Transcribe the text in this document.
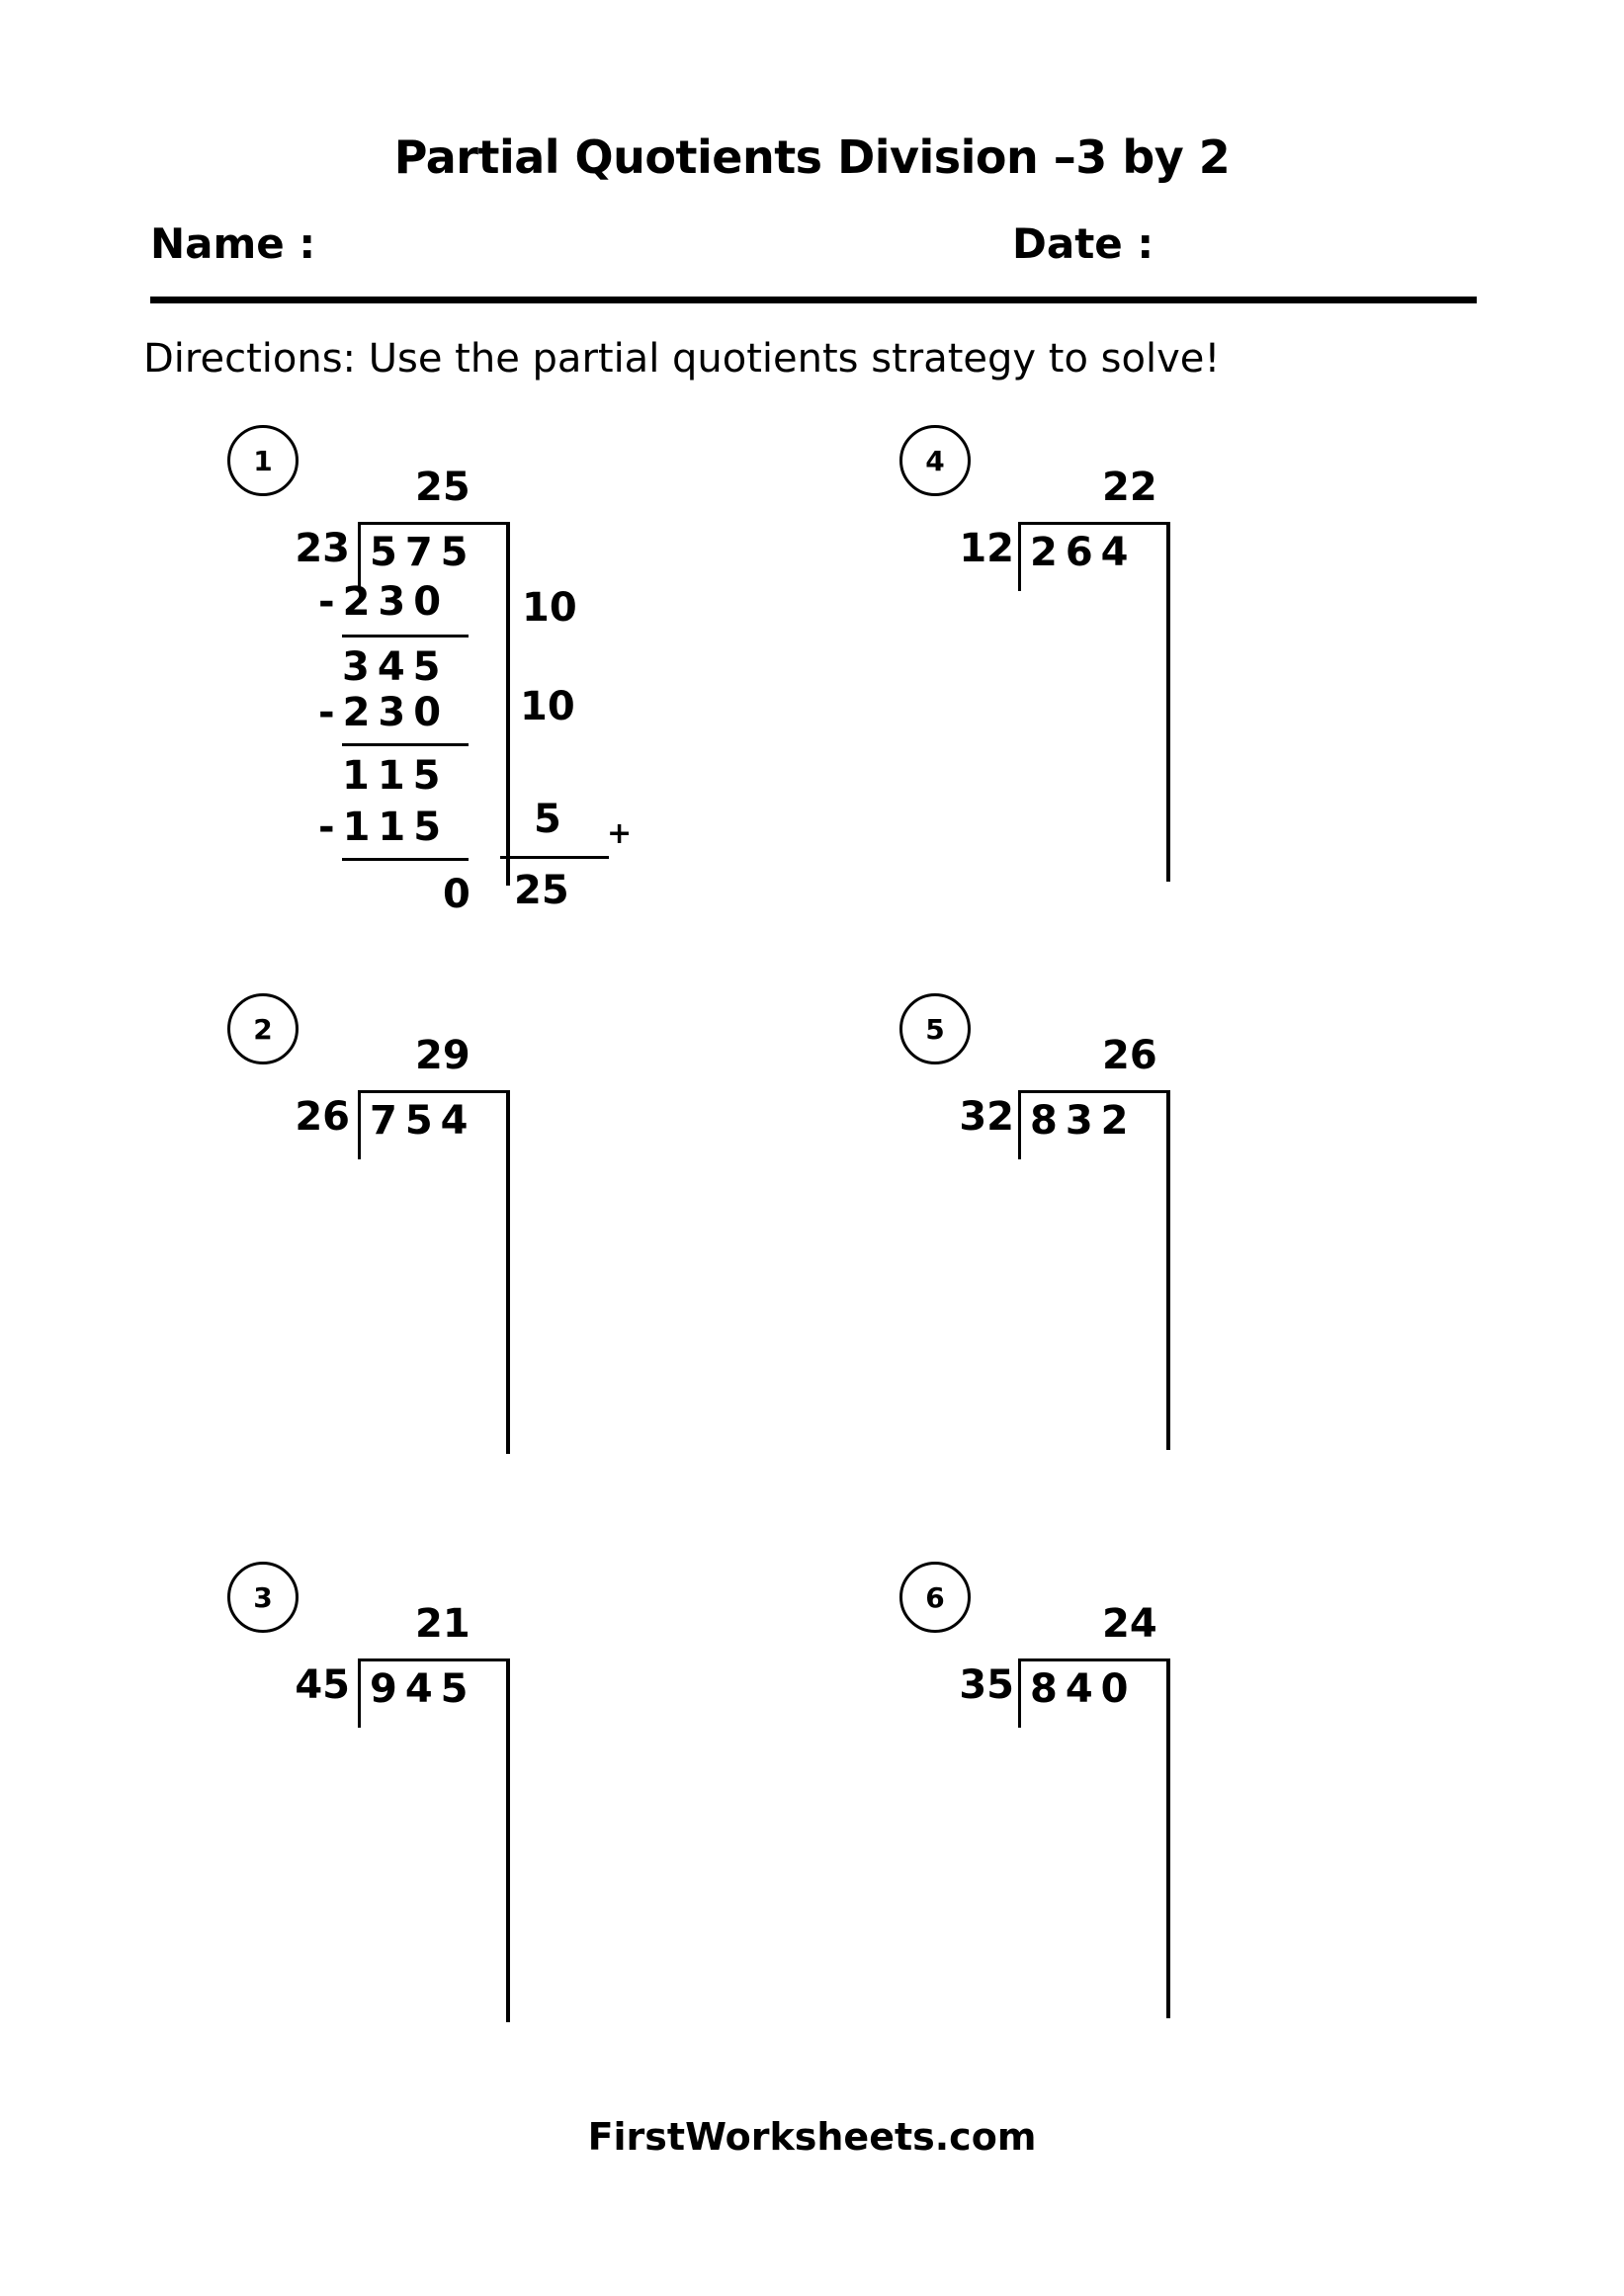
Partial Quotients Division –3 by 2
Name :	Date :
Directions: Use the partial quotients strategy to solve!
1
25
23 575
-230
345
-230
115
-115
0
10
10
5 +
25
2
29
26 754
3
21
45 945
4
22
12 264
5
26
32 832
6
24
35 840
FirstWorksheets.com
